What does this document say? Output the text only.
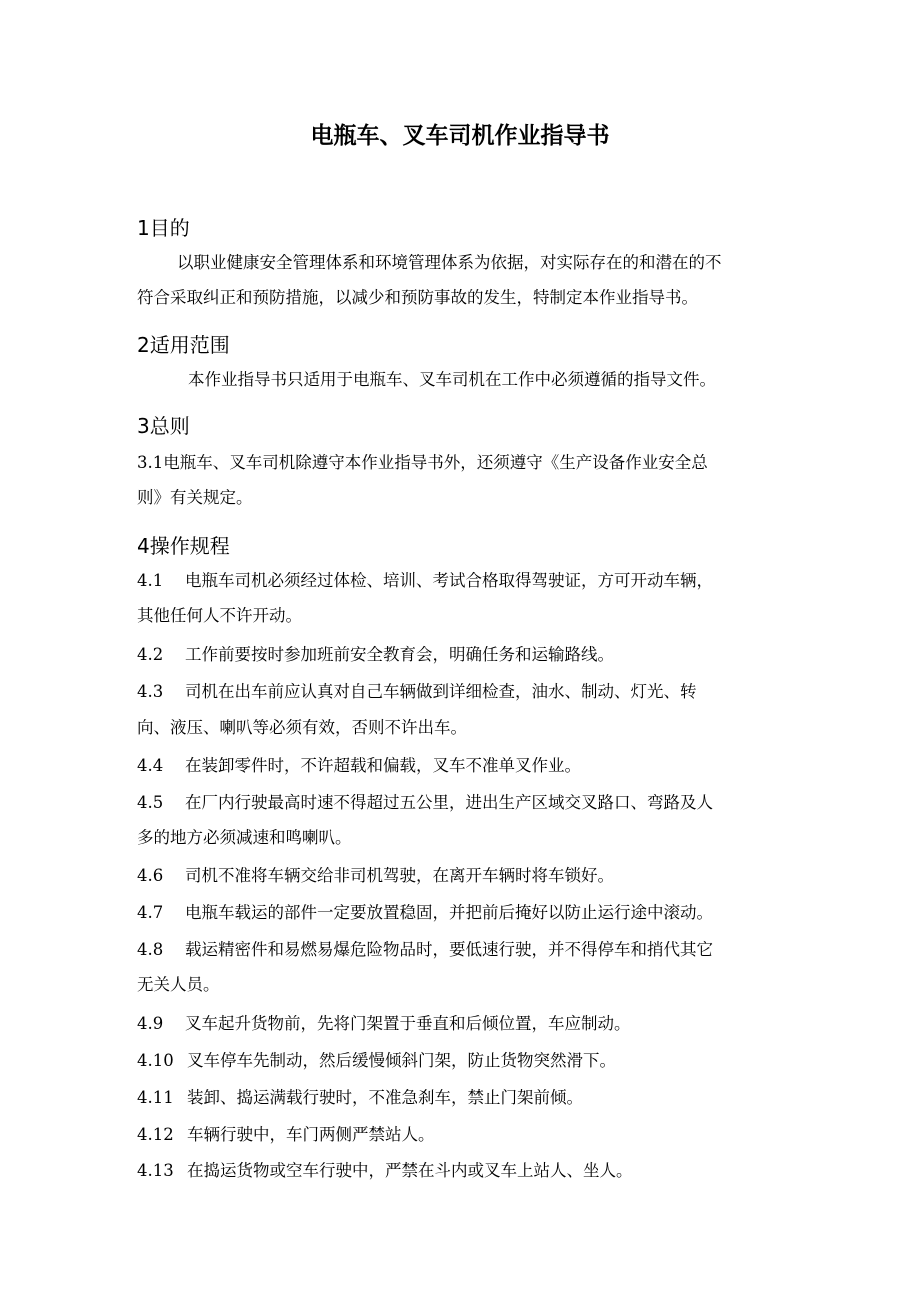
电瓶车、叉车司机作业指导书
1目的
以职业健康安全管理体系和环境管理体系为依据，对实际存在的和潜在的不
符合采取纠正和预防措施，以减少和预防事故的发生，特制定本作业指导书。
2适用范围
本作业指导书只适用于电瓶车、叉车司机在工作中必须遵循的指导文件。
3总则
3.1电瓶车、叉车司机除遵守本作业指导书外，还须遵守《生产设备作业安全总
则》有关规定。
4操作规程
4.1 电瓶车司机必须经过体检、培训、考试合格取得驾驶证，方可开动车辆，
其他任何人不许开动。
4.2 工作前要按时参加班前安全教育会，明确任务和运输路线。
4.3 司机在出车前应认真对自己车辆做到详细检查，油水、制动、灯光、转
向、液压、喇叭等必须有效，否则不许出车。
4.4 在装卸零件时，不许超载和偏载，叉车不准单叉作业。
4.5 在厂内行驶最高时速不得超过五公里，进出生产区域交叉路口、弯路及人
多的地方必须减速和鸣喇叭。
4.6 司机不准将车辆交给非司机驾驶，在离开车辆时将车锁好。
4.7 电瓶车载运的部件一定要放置稳固，并把前后掩好以防止运行途中滚动。
4.8 载运精密件和易燃易爆危险物品时，要低速行驶，并不得停车和捎代其它
无关人员。
4.9 叉车起升货物前，先将门架置于垂直和后倾位置，车应制动。
4.10 叉车停车先制动，然后缓慢倾斜门架，防止货物突然滑下。
4.11 装卸、捣运满载行驶时，不准急刹车，禁止门架前倾。
4.12 车辆行驶中，车门两侧严禁站人。
4.13 在捣运货物或空车行驶中，严禁在斗内或叉车上站人、坐人。
